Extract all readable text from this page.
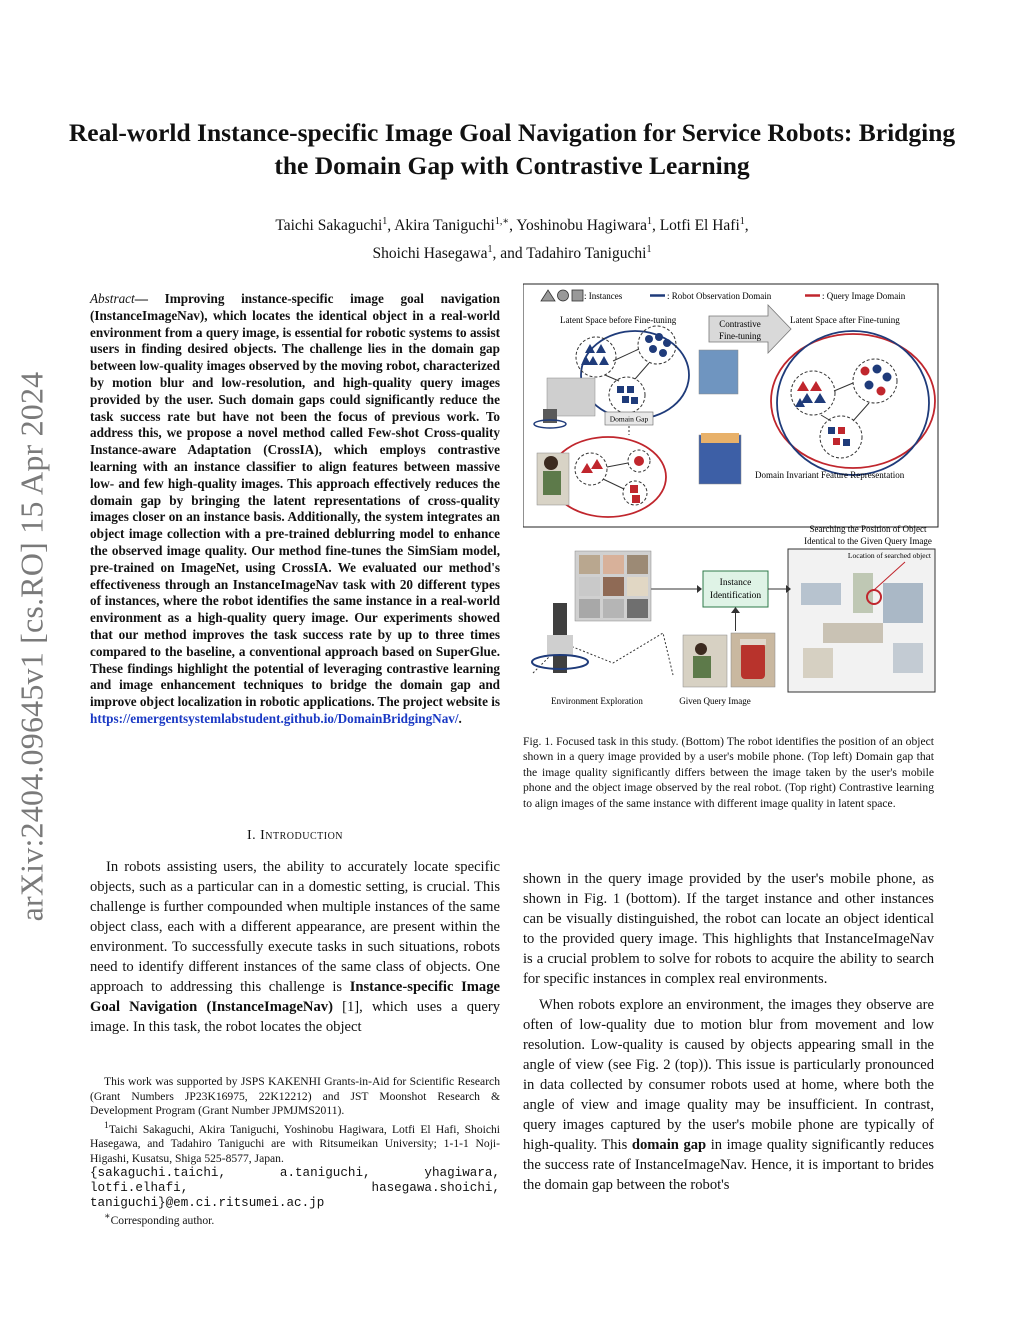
Real-world Instance-specific Image Goal Navigation for Service Robots: Bridging the Domain Gap with Contrastive Learning
Taichi Sakaguchi$^1$, Akira Taniguchi$^{1,∗}$, Yoshinobu Hagiwara$^1$, Lotfi El Hafi$^1$,
Shoichi Hasegawa$^1$, and Tadahiro Taniguchi$^1$
arXiv:2404.09645v1 [cs.RO] 15 Apr 2024
Abstract— Improving instance-specific image goal navigation (InstanceImageNav), which locates the identical object in a real-world environment from a query image, is essential for robotic systems to assist users in finding desired objects. The challenge lies in the domain gap between low-quality images observed by the moving robot, characterized by motion blur and low-resolution, and high-quality query images provided by the user. Such domain gaps could significantly reduce the task success rate but have not been the focus of previous work. To address this, we propose a novel method called Few-shot Cross-quality Instance-aware Adaptation (CrossIA), which employs contrastive learning with an instance classifier to align features between massive low- and few high-quality images. This approach effectively reduces the domain gap by bringing the latent representations of cross-quality images closer on an instance basis. Additionally, the system integrates an object image collection with a pre-trained deblurring model to enhance the observed image quality. Our method fine-tunes the SimSiam model, pre-trained on ImageNet, using CrossIA. We evaluated our method's effectiveness through an InstanceImageNav task with 20 different types of instances, where the robot identifies the same instance in a real-world environment as a high-quality query image. Our experiments showed that our method improves the task success rate by up to three times compared to the baseline, a conventional approach based on SuperGlue. These findings highlight the potential of leveraging contrastive learning and image enhancement techniques to bridge the domain gap and improve object localization in robotic applications. The project website is https://emergentsystemlabstudent.github.io/DomainBridgingNav/.
I. Introduction
In robots assisting users, the ability to accurately locate specific objects, such as a particular can in a domestic setting, is crucial. This challenge is further compounded when multiple instances of the same object class, each with a different appearance, are present within the environment. To successfully execute tasks in such situations, robots need to identify different instances of the same class of objects. One approach to addressing this challenge is Instance-specific Image Goal Navigation (InstanceImageNav) [1], which uses a query image. In this task, the robot locates the object

This work was supported by JSPS KAKENHI Grants-in-Aid for Scientific Research (Grant Numbers JP23K16975, 22K12212) and JST Moonshot Research & Development Program (Grant Number JPMJMS2011).

$^1$Taichi Sakaguchi, Akira Taniguchi, Yoshinobu Hagiwara, Lotfi El Hafi, Shoichi Hasegawa, and Tadahiro Taniguchi are with Ritsumeikan University; 1-1-1 Noji-Higashi, Kusatsu, Shiga 525-8577, Japan.

{sakaguchi.taichi, a.taniguchi, yhagiwara, lotfi.elhafi, hasegawa.shoichi, taniguchi}@em.ci.ritsumei.ac.jp

∗Corresponding author.

: Instances	: Robot Observation Domain	: Query Image Domain
Latent Space before Fine-tuning
Domain Gap
Contrastive
Fine-tuning
Latent Space after Fine-tuning
Domain Invariant Feature Representation
Searching the Position of Object
Identical to the Given Query Image
Location of searched object
Instance
Identification
Environment Exploration	Given Query Image
Fig. 1. Focused task in this study. (Bottom) The robot identifies the position of an object shown in a query image provided by a user's mobile phone. (Top left) Domain gap that the image quality significantly differs between the image taken by the user's mobile phone and the object image observed by the real robot. (Top right) Contrastive learning to align images of the same instance with different image quality in latent space.

shown in the query image provided by the user's mobile phone, as shown in Fig. 1 (bottom). If the target instance and other instances can be visually distinguished, the robot can locate an object identical to the provided query image. This highlights that InstanceImageNav is a crucial problem to solve for robots to acquire the ability to search for specific instances in complex real environments.

When robots explore an environment, the images they observe are often of low-quality due to motion blur from movement and low resolution. Low-quality is caused by objects appearing small in the angle of view (see Fig. 2 (top)). This issue is particularly pronounced in data collected by consumer robots used at home, where both the angle of view and image quality may be insufficient. In contrast, query images captured by the user's mobile phone are typically of high-quality. This domain gap in image quality significantly reduces the success rate of InstanceImageNav. Hence, it is important to brides the domain gap between the robot's
